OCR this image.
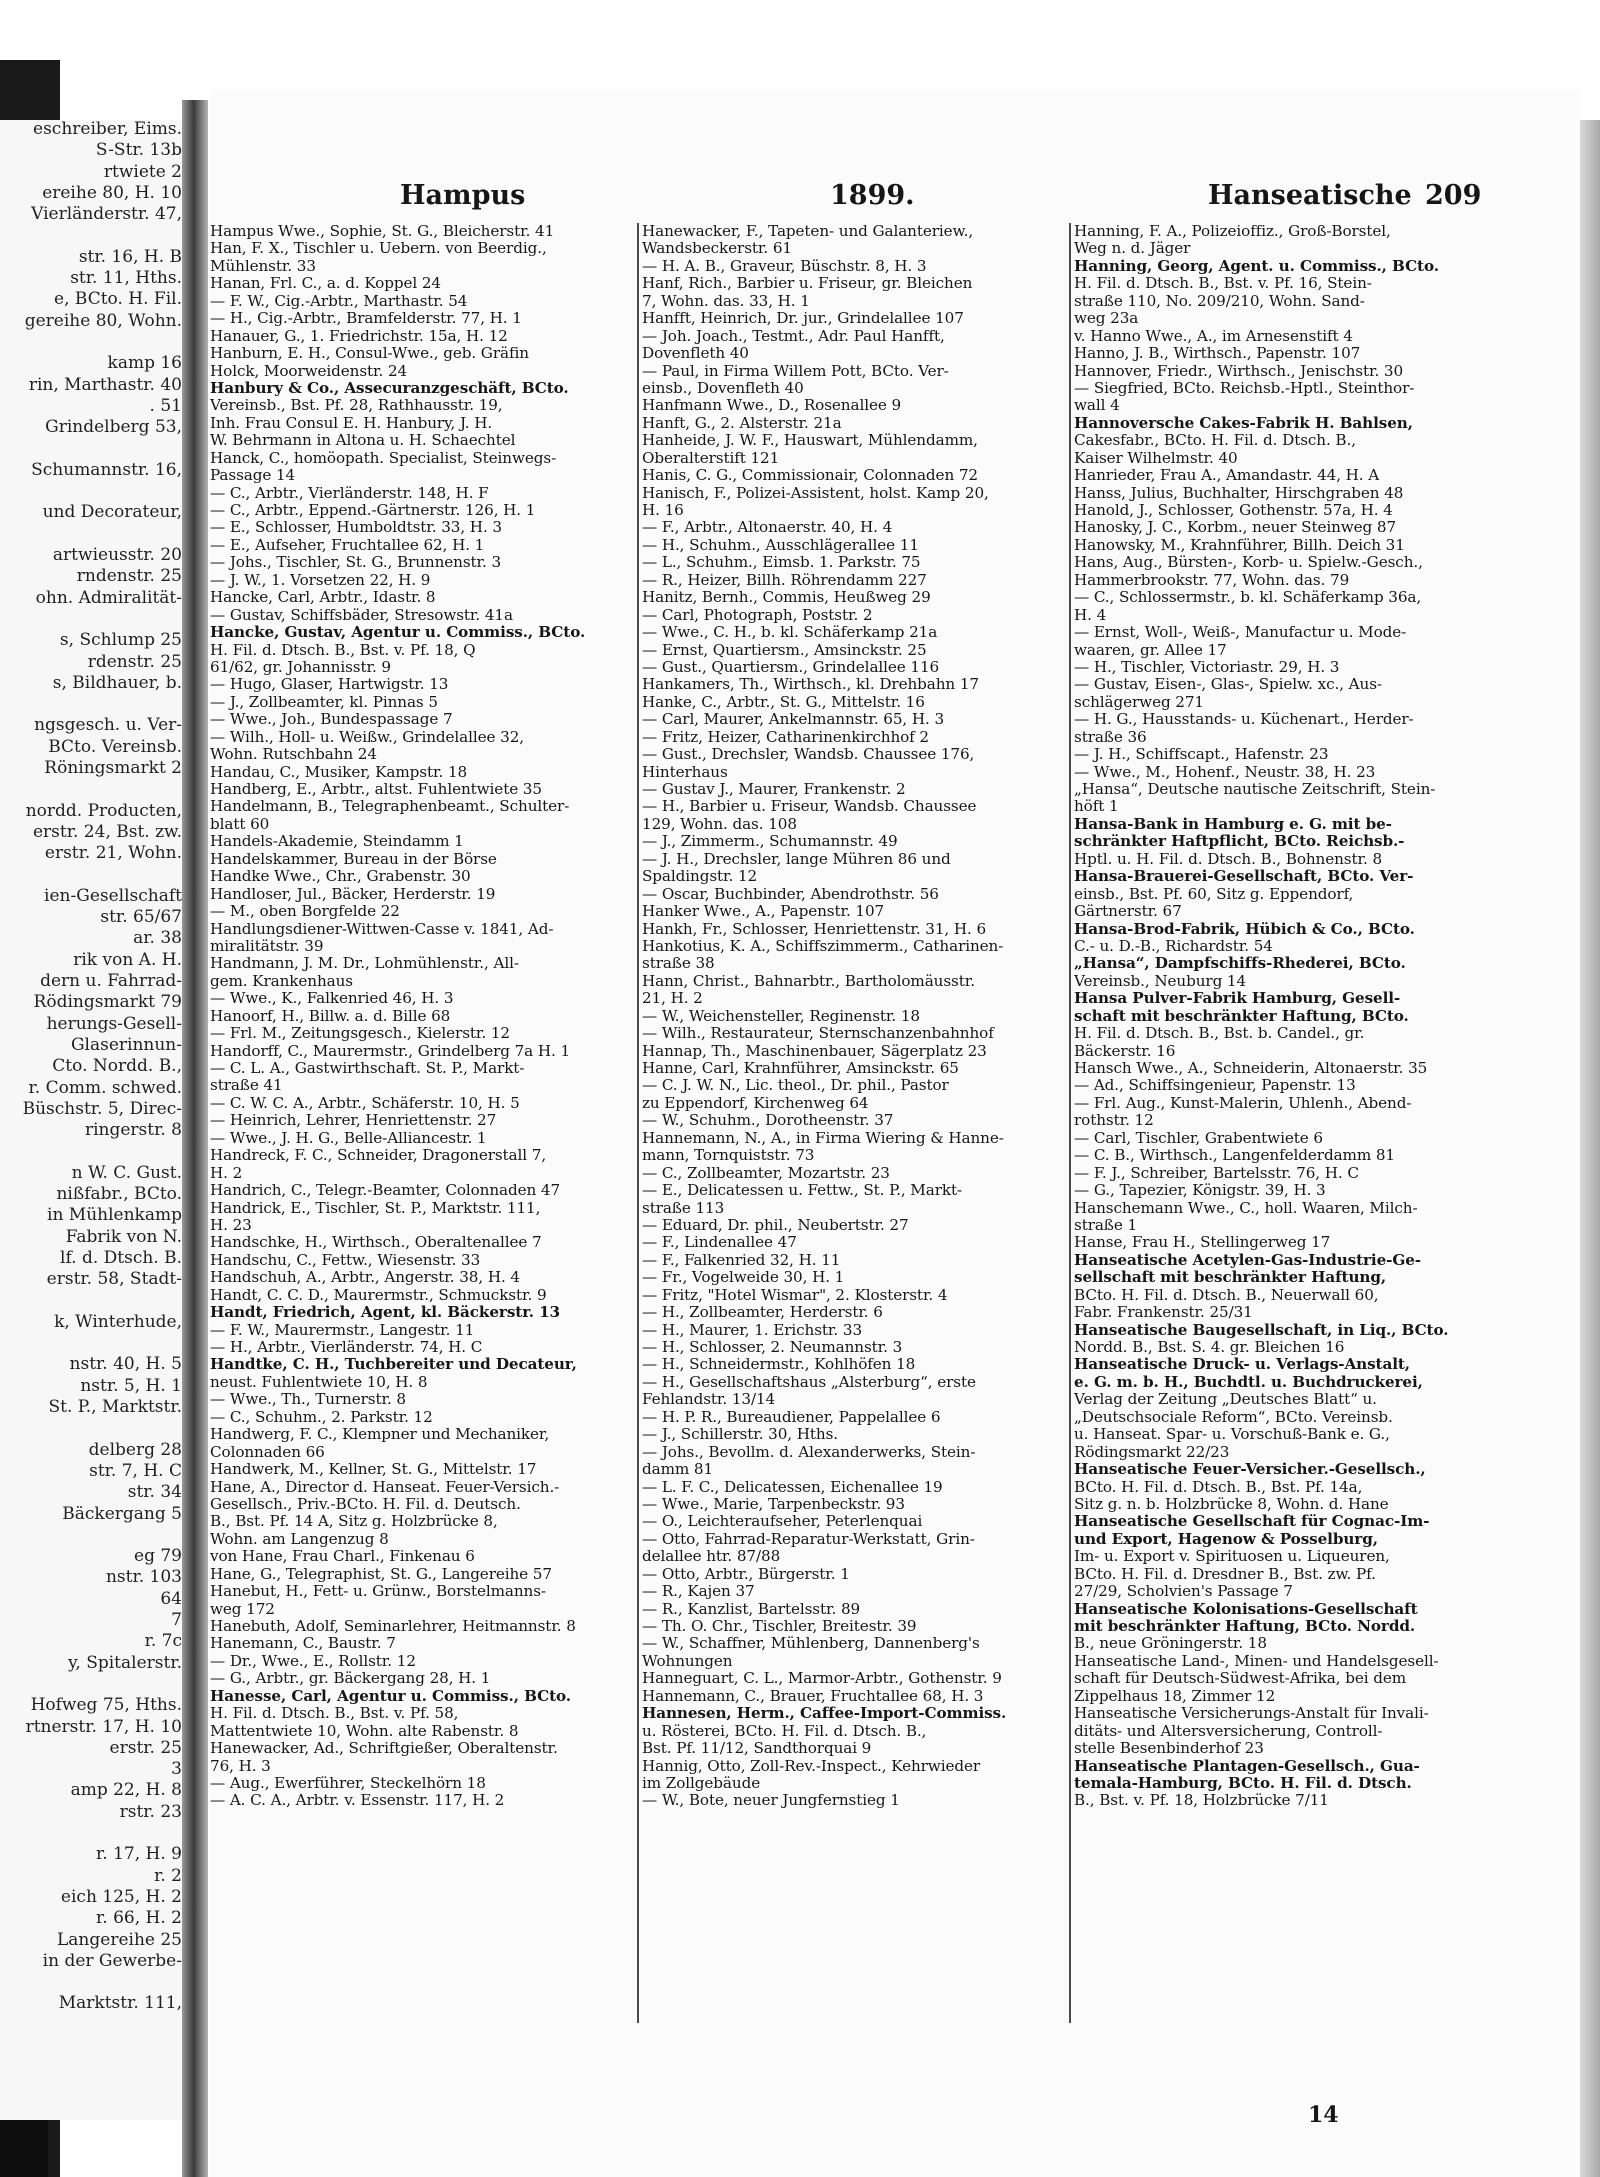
eschreiber, Eims.
S-Str. 13b
rtwiete 2
ereihe 80, H. 10
Vierländerstr. 47,
str. 16, H. B
str. 11, Hths.
e, BCto. H. Fil.
gereihe 80, Wohn.
kamp 16
rin, Marthastr. 40
. 51
Grindelberg 53,
Schumannstr. 16,
und Decorateur,
artwieusstr. 20
rndenstr. 25
ohn. Admiralität-
s, Schlump 25
rdenstr. 25
s, Bildhauer, b.
ngsgesch. u. Ver-
BCto. Vereinsb.
Röningsmarkt 2
nordd. Producten,
erstr. 24, Bst. zw.
erstr. 21, Wohn.
ien-Gesellschaft
str. 65/67
ar. 38
rik von A. H.
dern u. Fahrrad-
Rödingsmarkt 79
herungs-Gesell-
Glaserinnun-
Cto. Nordd. B.,
r. Comm. schwed.
Büschstr. 5, Direc-
ringerstr. 8
n W. C. Gust.
nißfabr., BCto.
in Mühlenkamp
Fabrik von N.
lf. d. Dtsch. B.
erstr. 58, Stadt-
k, Winterhude,
nstr. 40, H. 5
nstr. 5, H. 1
St. P., Marktstr.
delberg 28
str. 7, H. C
str. 34
Bäckergang 5
eg 79
nstr. 103
64
7
r. 7c
y, Spitalerstr.
Hofweg 75, Hths.
rtnerstr. 17, H. 10
erstr. 25
3
amp 22, H. 8
rstr. 23
r. 17, H. 9
r. 2
eich 125, H. 2
r. 66, H. 2
Langereihe 25
in der Gewerbe-
Marktstr. 111,
Hampus	1899.	Hanseatische 209
Hampus Wwe., Sophie, St. G., Bleicherstr. 41
Han, F. X., Tischler u. Uebern. von Beerdig.,
Mühlenstr. 33
Hanan, Frl. C., a. d. Koppel 24
— F. W., Cig.-Arbtr., Marthastr. 54
— H., Cig.-Arbtr., Bramfelderstr. 77, H. 1
Hanauer, G., 1. Friedrichstr. 15a, H. 12
Hanburn, E. H., Consul-Wwe., geb. Gräfin
Holck, Moorweidenstr. 24
Hanbury & Co., Assecuranzgeschäft, BCto.
Vereinsb., Bst. Pf. 28, Rathhausstr. 19,
Inh. Frau Consul E. H. Hanbury, J. H.
W. Behrmann in Altona u. H. Schaechtel
Hanck, C., homöopath. Specialist, Steinwegs-
Passage 14
— C., Arbtr., Vierländerstr. 148, H. F
— C., Arbtr., Eppend.-Gärtnerstr. 126, H. 1
— E., Schlosser, Humboldtstr. 33, H. 3
— E., Aufseher, Fruchtallee 62, H. 1
— Johs., Tischler, St. G., Brunnenstr. 3
— J. W., 1. Vorsetzen 22, H. 9
Hancke, Carl, Arbtr., Idastr. 8
— Gustav, Schiffsbäder, Stresowstr. 41a
Hancke, Gustav, Agentur u. Commiss., BCto.
H. Fil. d. Dtsch. B., Bst. v. Pf. 18, Q
61/62, gr. Johannisstr. 9
— Hugo, Glaser, Hartwigstr. 13
— J., Zollbeamter, kl. Pinnas 5
— Wwe., Joh., Bundespassage 7
— Wilh., Holl- u. Weißw., Grindelallee 32,
Wohn. Rutschbahn 24
Handau, C., Musiker, Kampstr. 18
Handberg, E., Arbtr., altst. Fuhlentwiete 35
Handelmann, B., Telegraphenbeamt., Schulter-
blatt 60
Handels-Akademie, Steindamm 1
Handelskammer, Bureau in der Börse
Handke Wwe., Chr., Grabenstr. 30
Handloser, Jul., Bäcker, Herderstr. 19
— M., oben Borgfelde 22
Handlungsdiener-Wittwen-Casse v. 1841, Ad-
miralitätstr. 39
Handmann, J. M. Dr., Lohmühlenstr., All-
gem. Krankenhaus
— Wwe., K., Falkenried 46, H. 3
Hanoorf, H., Billw. a. d. Bille 68
— Frl. M., Zeitungsgesch., Kielerstr. 12
Handorff, C., Maurermstr., Grindelberg 7a H. 1
— C. L. A., Gastwirthschaft. St. P., Markt-
straße 41
— C. W. C. A., Arbtr., Schäferstr. 10, H. 5
— Heinrich, Lehrer, Henriettenstr. 27
— Wwe., J. H. G., Belle-Alliancestr. 1
Handreck, F. C., Schneider, Dragonerstall 7,
H. 2
Handrich, C., Telegr.-Beamter, Colonnaden 47
Handrick, E., Tischler, St. P., Marktstr. 111,
H. 23
Handschke, H., Wirthsch., Oberaltenallee 7
Handschu, C., Fettw., Wiesenstr. 33
Handschuh, A., Arbtr., Angerstr. 38, H. 4
Handt, C. C. D., Maurermstr., Schmuckstr. 9
Handt, Friedrich, Agent, kl. Bäckerstr. 13
— F. W., Maurermstr., Langestr. 11
— H., Arbtr., Vierländerstr. 74, H. C
Handtke, C. H., Tuchbereiter und Decateur,
neust. Fuhlentwiete 10, H. 8
— Wwe., Th., Turnerstr. 8
— C., Schuhm., 2. Parkstr. 12
Handwerg, F. C., Klempner und Mechaniker,
Colonnaden 66
Handwerk, M., Kellner, St. G., Mittelstr. 17
Hane, A., Director d. Hanseat. Feuer-Versich.-
Gesellsch., Priv.-BCto. H. Fil. d. Deutsch.
B., Bst. Pf. 14 A, Sitz g. Holzbrücke 8,
Wohn. am Langenzug 8
von Hane, Frau Charl., Finkenau 6
Hane, G., Telegraphist, St. G., Langereihe 57
Hanebut, H., Fett- u. Grünw., Borstelmanns-
weg 172
Hanebuth, Adolf, Seminarlehrer, Heitmannstr. 8
Hanemann, C., Baustr. 7
— Dr., Wwe., E., Rollstr. 12
— G., Arbtr., gr. Bäckergang 28, H. 1
Hanesse, Carl, Agentur u. Commiss., BCto.
H. Fil. d. Dtsch. B., Bst. v. Pf. 58,
Mattentwiete 10, Wohn. alte Rabenstr. 8
Hanewacker, Ad., Schriftgießer, Oberaltenstr.
76, H. 3
— Aug., Ewerführer, Steckelhörn 18
— A. C. A., Arbtr. v. Essenstr. 117, H. 2
Hanewacker, F., Tapeten- und Galanteriew.,
Wandsbeckerstr. 61
— H. A. B., Graveur, Büschstr. 8, H. 3
Hanf, Rich., Barbier u. Friseur, gr. Bleichen
7, Wohn. das. 33, H. 1
Hanfft, Heinrich, Dr. jur., Grindelallee 107
— Joh. Joach., Testmt., Adr. Paul Hanfft,
Dovenfleth 40
— Paul, in Firma Willem Pott, BCto. Ver-
einsb., Dovenfleth 40
Hanfmann Wwe., D., Rosenallee 9
Hanft, G., 2. Alsterstr. 21a
Hanheide, J. W. F., Hauswart, Mühlendamm,
Oberalterstift 121
Hanis, C. G., Commissionair, Colonnaden 72
Hanisch, F., Polizei-Assistent, holst. Kamp 20,
H. 16
— F., Arbtr., Altonaerstr. 40, H. 4
— H., Schuhm., Ausschlägerallee 11
— L., Schuhm., Eimsb. 1. Parkstr. 75
— R., Heizer, Billh. Röhrendamm 227
Hanitz, Bernh., Commis, Heußweg 29
— Carl, Photograph, Poststr. 2
— Wwe., C. H., b. kl. Schäferkamp 21a
— Ernst, Quartiersm., Amsinckstr. 25
— Gust., Quartiersm., Grindelallee 116
Hankamers, Th., Wirthsch., kl. Drehbahn 17
Hanke, C., Arbtr., St. G., Mittelstr. 16
— Carl, Maurer, Ankelmannstr. 65, H. 3
— Fritz, Heizer, Catharinenkirchhof 2
— Gust., Drechsler, Wandsb. Chaussee 176,
Hinterhaus
— Gustav J., Maurer, Frankenstr. 2
— H., Barbier u. Friseur, Wandsb. Chaussee
129, Wohn. das. 108
— J., Zimmerm., Schumannstr. 49
— J. H., Drechsler, lange Mühren 86 und
Spaldingstr. 12
— Oscar, Buchbinder, Abendrothstr. 56
Hanker Wwe., A., Papenstr. 107
Hankh, Fr., Schlosser, Henriettenstr. 31, H. 6
Hankotius, K. A., Schiffszimmerm., Catharinen-
straße 38
Hann, Christ., Bahnarbtr., Bartholomäusstr.
21, H. 2
— W., Weichensteller, Reginenstr. 18
— Wilh., Restaurateur, Sternschanzenbahnhof
Hannap, Th., Maschinenbauer, Sägerplatz 23
Hanne, Carl, Krahnführer, Amsinckstr. 65
— C. J. W. N., Lic. theol., Dr. phil., Pastor
zu Eppendorf, Kirchenweg 64
— W., Schuhm., Dorotheenstr. 37
Hannemann, N., A., in Firma Wiering & Hanne-
mann, Tornquiststr. 73
— C., Zollbeamter, Mozartstr. 23
— E., Delicatessen u. Fettw., St. P., Markt-
straße 113
— Eduard, Dr. phil., Neubertstr. 27
— F., Lindenallee 47
— F., Falkenried 32, H. 11
— Fr., Vogelweide 30, H. 1
— Fritz, "Hotel Wismar", 2. Klosterstr. 4
— H., Zollbeamter, Herderstr. 6
— H., Maurer, 1. Erichstr. 33
— H., Schlosser, 2. Neumannstr. 3
— H., Schneidermstr., Kohlhöfen 18
— H., Gesellschaftshaus „Alsterburg“, erste
Fehlandstr. 13/14
— H. P. R., Bureaudiener, Pappelallee 6
— J., Schillerstr. 30, Hths.
— Johs., Bevollm. d. Alexanderwerks, Stein-
damm 81
— L. F. C., Delicatessen, Eichenallee 19
— Wwe., Marie, Tarpenbeckstr. 93
— O., Leichteraufseher, Peterlenquai
— Otto, Fahrrad-Reparatur-Werkstatt, Grin-
delallee htr. 87/88
— Otto, Arbtr., Bürgerstr. 1
— R., Kajen 37
— R., Kanzlist, Bartelsstr. 89
— Th. O. Chr., Tischler, Breitestr. 39
— W., Schaffner, Mühlenberg, Dannenberg's
Wohnungen
Hanneguart, C. L., Marmor-Arbtr., Gothenstr. 9
Hannemann, C., Brauer, Fruchtallee 68, H. 3
Hannesen, Herm., Caffee-Import-Commiss.
u. Rösterei, BCto. H. Fil. d. Dtsch. B.,
Bst. Pf. 11/12, Sandthorquai 9
Hannig, Otto, Zoll-Rev.-Inspect., Kehrwieder
im Zollgebäude
— W., Bote, neuer Jungfernstieg 1
Hanning, F. A., Polizeioffiz., Groß-Borstel,
Weg n. d. Jäger
Hanning, Georg, Agent. u. Commiss., BCto.
H. Fil. d. Dtsch. B., Bst. v. Pf. 16, Stein-
straße 110, No. 209/210, Wohn. Sand-
weg 23a
v. Hanno Wwe., A., im Arnesenstift 4
Hanno, J. B., Wirthsch., Papenstr. 107
Hannover, Friedr., Wirthsch., Jenischstr. 30
— Siegfried, BCto. Reichsb.-Hptl., Steinthor-
wall 4
Hannoversche Cakes-Fabrik H. Bahlsen,
Cakesfabr., BCto. H. Fil. d. Dtsch. B.,
Kaiser Wilhelmstr. 40
Hanrieder, Frau A., Amandastr. 44, H. A
Hanss, Julius, Buchhalter, Hirschgraben 48
Hanold, J., Schlosser, Gothenstr. 57a, H. 4
Hanosky, J. C., Korbm., neuer Steinweg 87
Hanowsky, M., Krahnführer, Billh. Deich 31
Hans, Aug., Bürsten-, Korb- u. Spielw.-Gesch.,
Hammerbrookstr. 77, Wohn. das. 79
— C., Schlossermstr., b. kl. Schäferkamp 36a,
H. 4
— Ernst, Woll-, Weiß-, Manufactur u. Mode-
waaren, gr. Allee 17
— H., Tischler, Victoriastr. 29, H. 3
— Gustav, Eisen-, Glas-, Spielw. xc., Aus-
schlägerweg 271
— H. G., Hausstands- u. Küchenart., Herder-
straße 36
— J. H., Schiffscapt., Hafenstr. 23
— Wwe., M., Hohenf., Neustr. 38, H. 23
„Hansa“, Deutsche nautische Zeitschrift, Stein-
höft 1
Hansa-Bank in Hamburg e. G. mit be-
schränkter Haftpflicht, BCto. Reichsb.-
Hptl. u. H. Fil. d. Dtsch. B., Bohnenstr. 8
Hansa-Brauerei-Gesellschaft, BCto. Ver-
einsb., Bst. Pf. 60, Sitz g. Eppendorf,
Gärtnerstr. 67
Hansa-Brod-Fabrik, Hübich & Co., BCto.
C.- u. D.-B., Richardstr. 54
„Hansa“, Dampfschiffs-Rhederei, BCto.
Vereinsb., Neuburg 14
Hansa Pulver-Fabrik Hamburg, Gesell-
schaft mit beschränkter Haftung, BCto.
H. Fil. d. Dtsch. B., Bst. b. Candel., gr.
Bäckerstr. 16
Hansch Wwe., A., Schneiderin, Altonaerstr. 35
— Ad., Schiffsingenieur, Papenstr. 13
— Frl. Aug., Kunst-Malerin, Uhlenh., Abend-
rothstr. 12
— Carl, Tischler, Grabentwiete 6
— C. B., Wirthsch., Langenfelderdamm 81
— F. J., Schreiber, Bartelsstr. 76, H. C
— G., Tapezier, Königstr. 39, H. 3
Hanschemann Wwe., C., holl. Waaren, Milch-
straße 1
Hanse, Frau H., Stellingerweg 17
Hanseatische Acetylen-Gas-Industrie-Ge-
sellschaft mit beschränkter Haftung,
BCto. H. Fil. d. Dtsch. B., Neuerwall 60,
Fabr. Frankenstr. 25/31
Hanseatische Baugesellschaft, in Liq., BCto.
Nordd. B., Bst. S. 4. gr. Bleichen 16
Hanseatische Druck- u. Verlags-Anstalt,
e. G. m. b. H., Buchdtl. u. Buchdruckerei,
Verlag der Zeitung „Deutsches Blatt“ u.
„Deutschsociale Reform“, BCto. Vereinsb.
u. Hanseat. Spar- u. Vorschuß-Bank e. G.,
Rödingsmarkt 22/23
Hanseatische Feuer-Versicher.-Gesellsch.,
BCto. H. Fil. d. Dtsch. B., Bst. Pf. 14a,
Sitz g. n. b. Holzbrücke 8, Wohn. d. Hane
Hanseatische Gesellschaft für Cognac-Im-
und Export, Hagenow & Posselburg,
Im- u. Export v. Spirituosen u. Liqueuren,
BCto. H. Fil. d. Dresdner B., Bst. zw. Pf.
27/29, Scholvien's Passage 7
Hanseatische Kolonisations-Gesellschaft
mit beschränkter Haftung, BCto. Nordd.
B., neue Gröningerstr. 18
Hanseatische Land-, Minen- und Handelsgesell-
schaft für Deutsch-Südwest-Afrika, bei dem
Zippelhaus 18, Zimmer 12
Hanseatische Versicherungs-Anstalt für Invali-
ditäts- und Altersversicherung, Controll-
stelle Besenbinderhof 23
Hanseatische Plantagen-Gesellsch., Gua-
temala-Hamburg, BCto. H. Fil. d. Dtsch.
B., Bst. v. Pf. 18, Holzbrücke 7/11
14
